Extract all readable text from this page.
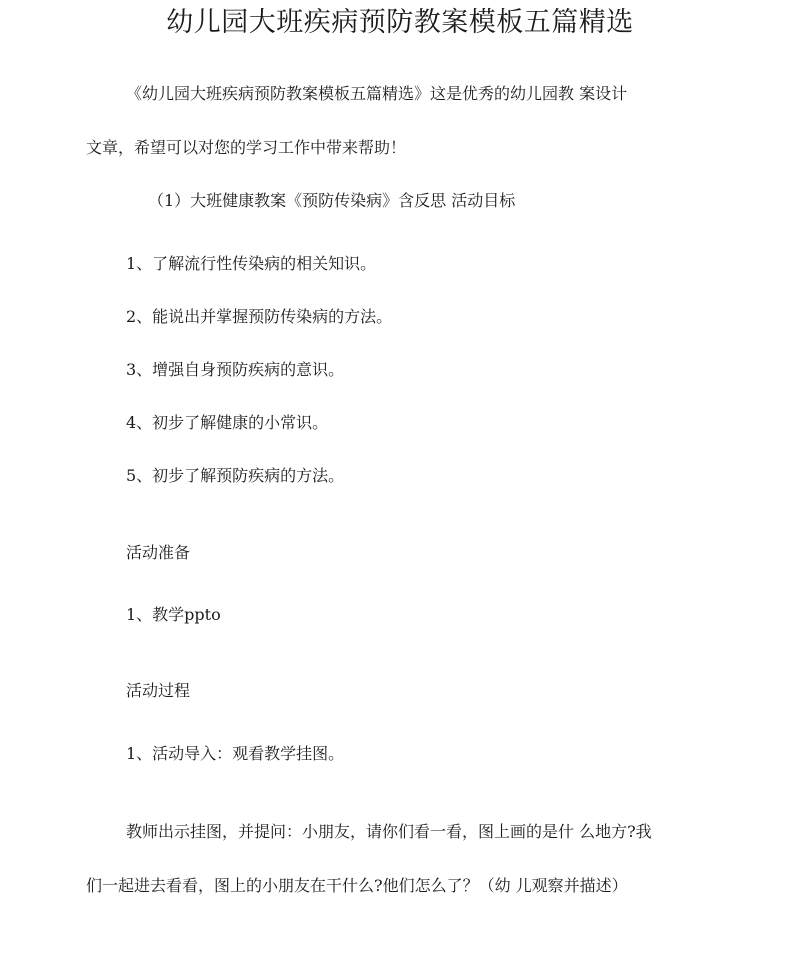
幼儿园大班疾病预防教案模板五篇精选
《幼儿园大班疾病预防教案模板五篇精选》这是优秀的幼儿园教 案设计
文章，希望可以对您的学习工作中带来帮助！
（1）大班健康教案《预防传染病》含反思 活动目标
1、了解流行性传染病的相关知识。
2、能说出并掌握预防传染病的方法。
3、增强自身预防疾病的意识。
4、初步了解健康的小常识。
5、初步了解预防疾病的方法。
活动准备
1、教学ppto
活动过程
1、活动导入：观看教学挂图。
教师出示挂图，并提问：小朋友，请你们看一看，图上画的是什 么地方?我
们一起进去看看，图上的小朋友在干什么?他们怎么了？（幼 儿观察并描述）
